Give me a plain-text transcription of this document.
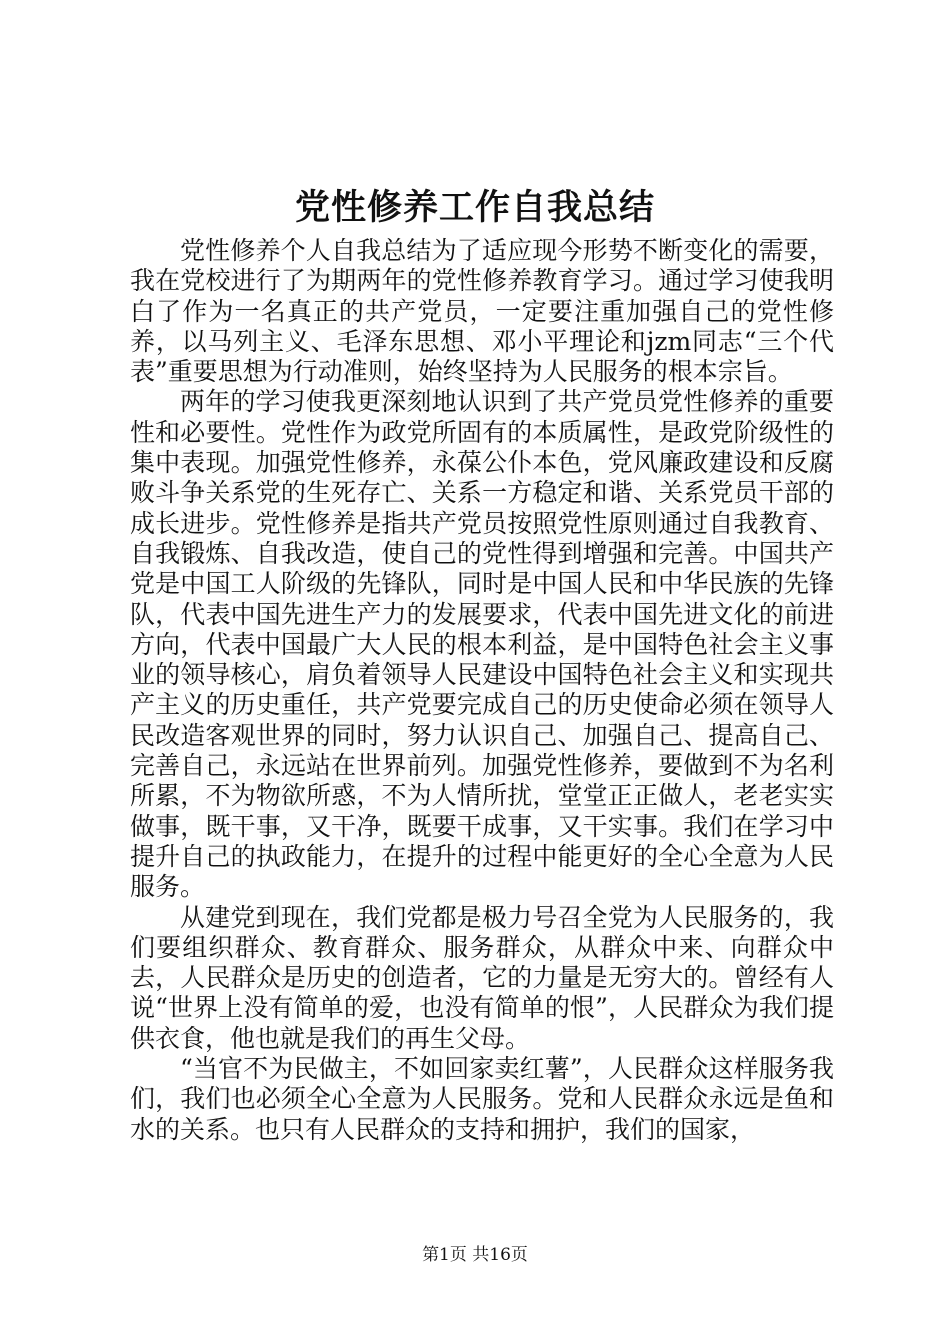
党性修养工作自我总结

党性修养个人自我总结为了适应现今形势不断变化的需要，我在党校进行了为期两年的党性修养教育学习。通过学习使我明白了作为一名真正的共产党员，一定要注重加强自己的党性修养，以马列主义、毛泽东思想、邓小平理论和jzm同志“三个代表”重要思想为行动准则，始终坚持为人民服务的根本宗旨。

两年的学习使我更深刻地认识到了共产党员党性修养的重要性和必要性。党性作为政党所固有的本质属性，是政党阶级性的集中表现。加强党性修养，永葆公仆本色，党风廉政建设和反腐败斗争关系党的生死存亡、关系一方稳定和谐、关系党员干部的成长进步。党性修养是指共产党员按照党性原则通过自我教育、自我锻炼、自我改造，使自己的党性得到增强和完善。中国共产党是中国工人阶级的先锋队，同时是中国人民和中华民族的先锋队，代表中国先进生产力的发展要求，代表中国先进文化的前进方向，代表中国最广大人民的根本利益，是中国特色社会主义事业的领导核心，肩负着领导人民建设中国特色社会主义和实现共产主义的历史重任，共产党要完成自己的历史使命必须在领导人民改造客观世界的同时，努力认识自己、加强自己、提高自己、完善自己，永远站在世界前列。加强党性修养，要做到不为名利所累，不为物欲所惑，不为人情所扰，堂堂正正做人，老老实实做事，既干事，又干净，既要干成事，又干实事。我们在学习中提升自己的执政能力，在提升的过程中能更好的全心全意为人民服务。

从建党到现在，我们党都是极力号召全党为人民服务的，我们要组织群众、教育群众、服务群众，从群众中来、向群众中去，人民群众是历史的创造者，它的力量是无穷大的。曾经有人说“世界上没有简单的爱，也没有简单的恨”，人民群众为我们提供衣食，他也就是我们的再生父母。

“当官不为民做主，不如回家卖红薯”，人民群众这样服务我们，我们也必须全心全意为人民服务。党和人民群众永远是鱼和水的关系。也只有人民群众的支持和拥护，我们的国家，

第1页 共16页
